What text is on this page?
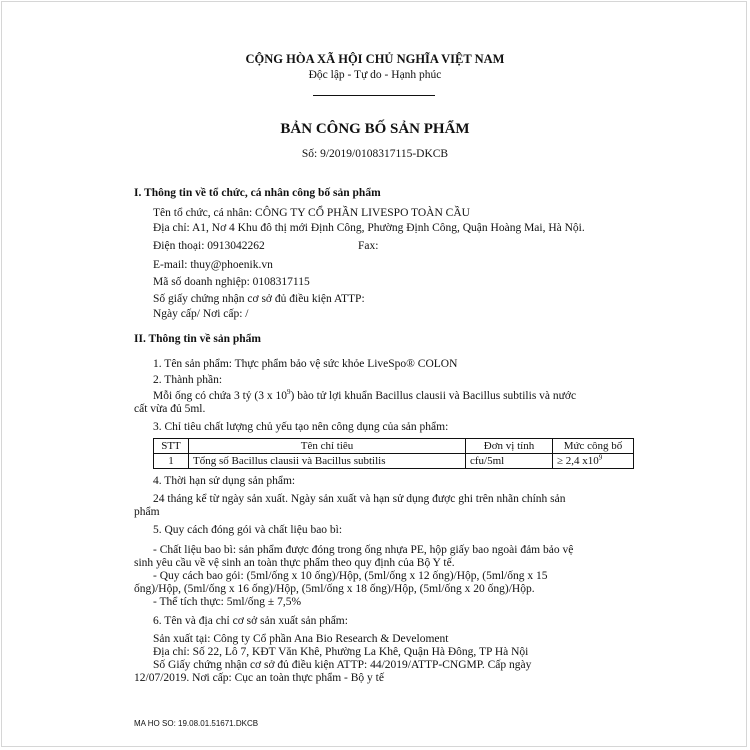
CỘNG HÒA XÃ HỘI CHỦ NGHĨA VIỆT NAM
Độc lập - Tự do - Hạnh phúc
BẢN CÔNG BỐ SẢN PHẨM
Số: 9/2019/0108317115-DKCB
I. Thông tin về tổ chức, cá nhân công bố sản phẩm
Tên tổ chức, cá nhân: CÔNG TY CỔ PHẦN LIVESPO TOÀN CẦU
Địa chỉ: A1, Nơ 4 Khu đô thị mới Định Công, Phường Định Công, Quận Hoàng Mai, Hà Nội.
Điện thoại: 0913042262	Fax:
E-mail: thuy@phoenik.vn
Mã số doanh nghiệp: 0108317115
Số giấy chứng nhận cơ sở đủ điều kiện ATTP:
Ngày cấp/ Nơi cấp: /
II. Thông tin về sản phẩm
1. Tên sản phẩm: Thực phẩm bảo vệ sức khỏe LiveSpo® COLON
2. Thành phần:
Mỗi ống có chứa 3 tỷ (3 x $10^9$) bào tử lợi khuẩn Bacillus clausii và Bacillus subtilis và nước
cất vừa đủ 5ml.
3. Chỉ tiêu chất lượng chủ yếu tạo nên công dụng của sản phẩm:
STT	Tên chỉ tiêu	Đơn vị tính	Mức công bố
1	Tổng số Bacillus clausii và Bacillus subtilis	cfu/5ml	≥ 2,4 $x10^9$
4. Thời hạn sử dụng sản phẩm:
24 tháng kể từ ngày sản xuất. Ngày sản xuất và hạn sử dụng được ghi trên nhãn chính sản
phẩm
5. Quy cách đóng gói và chất liệu bao bì:
- Chất liệu bao bì: sản phẩm được đóng trong ống nhựa PE, hộp giấy bao ngoài đảm bảo vệ
sinh yêu cầu về vệ sinh an toàn thực phẩm theo quy định của Bộ Y tế.
- Quy cách bao gói: (5ml/ống x 10 ống)/Hộp, (5ml/ống x 12 ống)/Hộp, (5ml/ống x 15
ống)/Hộp, (5ml/ống x 16 ống)/Hộp, (5ml/ống x 18 ống)/Hộp, (5ml/ống x 20 ống)/Hộp.
- Thể tích thực: 5ml/ống ± 7,5%
6. Tên và địa chỉ cơ sở sản xuất sản phẩm:
Sản xuất tại: Công ty Cổ phần Ana Bio Research & Develoment
Địa chỉ: Số 22, Lô 7, KĐT Văn Khê, Phường La Khê, Quận Hà Đông, TP Hà Nội
Số Giấy chứng nhận cơ sở đủ điều kiện ATTP: 44/2019/ATTP-CNGMP. Cấp ngày
12/07/2019. Nơi cấp: Cục an toàn thực phẩm - Bộ y tế
MA HO SO: 19.08.01.51671.DKCB
